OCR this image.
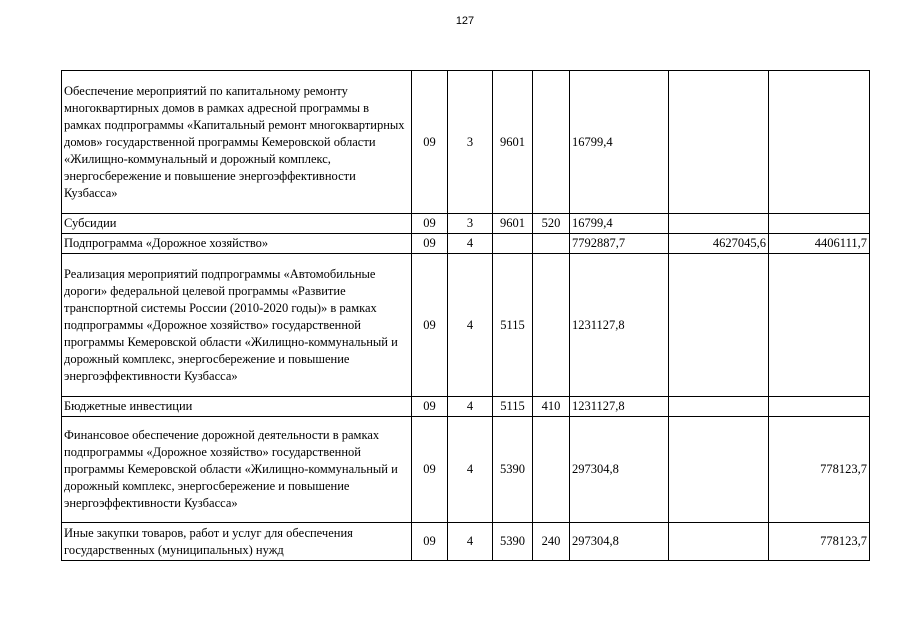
127
Обеспечение мероприятий по капитальному ремонту многоквартирных домов в рамках адресной программы в рамках подпрограммы «Капитальный ремонт многоквартирных домов» государственной программы Кемеровской области «Жилищно-коммунальный и дорожный комплекс, энергосбережение и повышение энергоэффективности Кузбасса»	09	3	9601		16799,4		
Субсидии	09	3	9601	520	16799,4		
Подпрограмма «Дорожное хозяйство»	09	4			7792887,7	4627045,6	4406111,7
Реализация мероприятий подпрограммы «Автомобильные дороги» федеральной целевой программы «Развитие транспортной системы России (2010-2020 годы)» в рамках подпрограммы «Дорожное хозяйство» государственной программы Кемеровской области «Жилищно-коммунальный и дорожный комплекс, энергосбережение и повышение энергоэффективности Кузбасса»	09	4	5115		1231127,8		
Бюджетные инвестиции	09	4	5115	410	1231127,8		
Финансовое обеспечение дорожной деятельности в рамках подпрограммы «Дорожное хозяйство» государственной программы Кемеровской области «Жилищно-коммунальный и дорожный комплекс, энергосбережение и повышение энергоэффективности Кузбасса»	09	4	5390		297304,8		778123,7
Иные закупки товаров, работ и услуг для обеспечения государственных (муниципальных) нужд	09	4	5390	240	297304,8		778123,7
